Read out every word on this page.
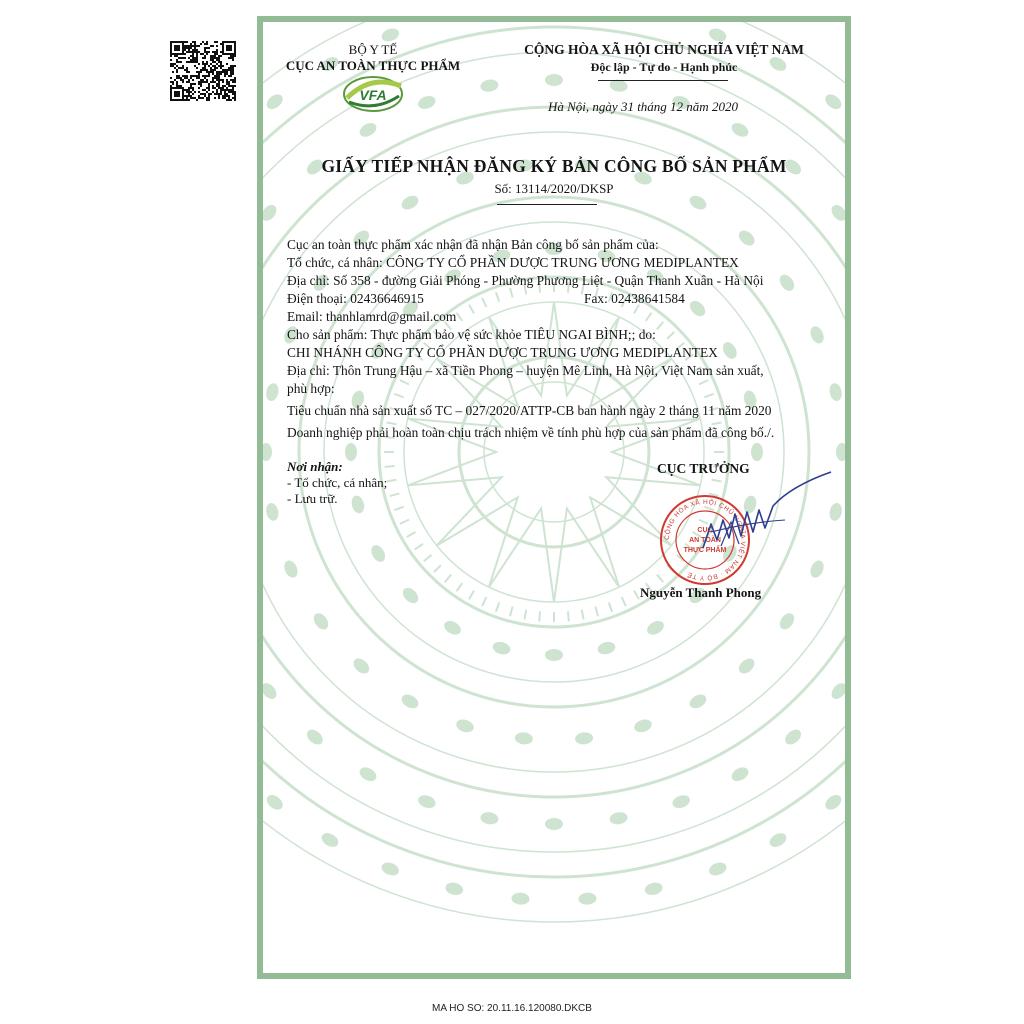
BỘ Y TẾ
CỤC AN TOÀN THỰC PHẨM
VFA
CỘNG HÒA XÃ HỘI CHỦ NGHĨA VIỆT NAM
Độc lập - Tự do - Hạnh phúc
Hà Nội, ngày 31 tháng 12 năm 2020
GIẤY TIẾP NHẬN ĐĂNG KÝ BẢN CÔNG BỐ SẢN PHẨM
Số: 13114/2020/DKSP

Cục an toàn thực phẩm xác nhận đã nhận Bản công bố sản phẩm của:

Tổ chức, cá nhân: CÔNG TY CỔ PHẦN DƯỢC TRUNG ƯƠNG MEDIPLANTEX

Địa chỉ: Số 358 - đường Giải Phóng - Phường Phương Liệt - Quận Thanh Xuân - Hà Nội

Điện thoại: 02436646915	Fax: 02438641584

Email: thanhlamrd@gmail.com

Cho sản phẩm: Thực phẩm bảo vệ sức khỏe TIÊU NGAI BÌNH;; do:

CHI NHÁNH CÔNG TY CỔ PHẦN DƯỢC TRUNG ƯƠNG MEDIPLANTEX

Địa chỉ: Thôn Trung Hậu – xã Tiền Phong – huyện Mê Linh, Hà Nội, Việt Nam sản xuất,

phù hợp:

Tiêu chuẩn nhà sản xuất số TC – 027/2020/ATTP-CB ban hành ngày 2 tháng 11 năm 2020

Doanh nghiệp phải hoàn toàn chịu trách nhiệm về tính phù hợp của sản phẩm đã công bố./.

Nơi nhận:
- Tổ chức, cá nhân;
- Lưu trữ.
CỤC TRƯỞNG
CỘNG HÒA XÃ HỘI CHỦ NGHĨA VIỆT NAM · BỘ Y TẾ
CỤC
AN TOÀN
THỰC PHẨM
Nguyễn Thanh Phong
MA HO SO: 20.11.16.120080.DKCB
